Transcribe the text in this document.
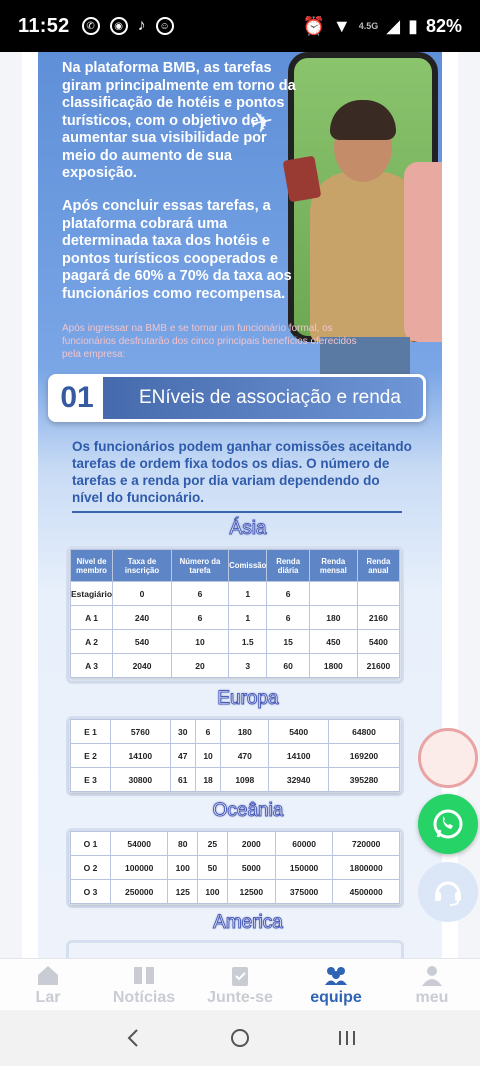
11:52	✆	◉ ♪	☺	⏰ ▼ 4.5G ◢ ▮ 82%
✈

Na plataforma BMB, as tarefas giram principalmente em torno da classificação de hotéis e pontos turísticos, com o objetivo de aumentar sua visibilidade por meio do aumento de sua exposição.

Após concluir essas tarefas, a plataforma cobrará uma determinada taxa dos hotéis e pontos turísticos cooperados e pagará de 60% a 70% da taxa aos funcionários como recompensa.

Após ingressar na BMB e se tornar um funcionário formal, os funcionários desfrutarão dos cinco principais benefícios oferecidos pela empresa:

01	ENíveis de associação e renda

Os funcionários podem ganhar comissões aceitando tarefas de ordem fixa todos os dias. O número de tarefas e a renda por dia variam dependendo do nível do funcionário.

Ásia
Nível de membro	Taxa de inscrição	Número da tarefa	Comissão	Renda diária	Renda mensal	Renda anual
Estagiário	0	6	1	6		
A 1	240	6	1	6	180	2160
A 2	540	10	1.5	15	450	5400
A 3	2040	20	3	60	1800	21600
Europa
E 1	5760	30	6	180	5400	64800
E 2	14100	47	10	470	14100	169200
E 3	30800	61	18	1098	32940	395280
Oceânia
O 1	54000	80	25	2000	60000	720000
O 2	100000	100	50	5000	150000	1800000
O 3	250000	125	100	12500	375000	4500000
America
Lar	Notícias Junte-se equipe	meu
